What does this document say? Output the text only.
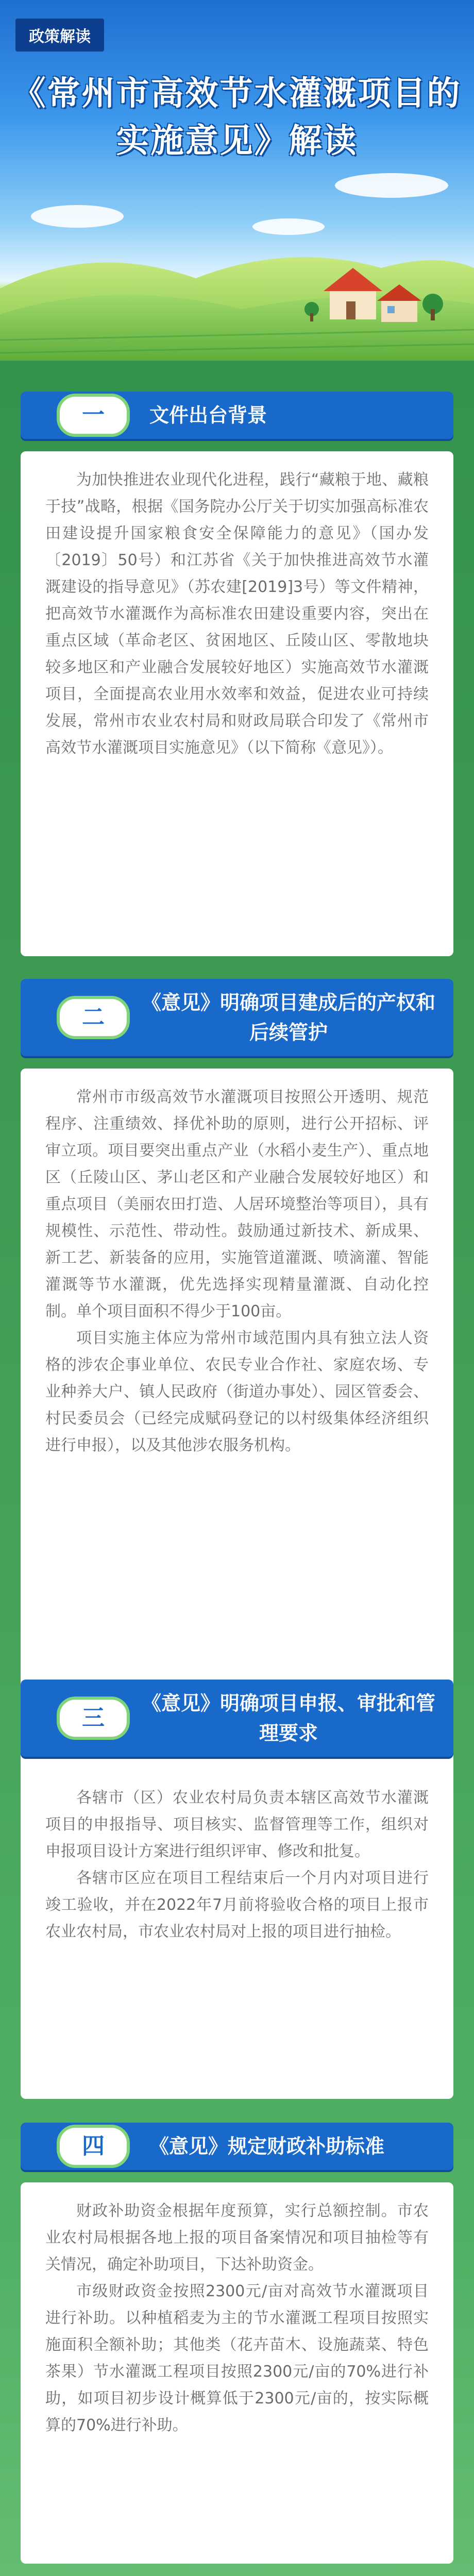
政策解读
《常州市高效节水灌溉项目的
实施意见》解读
一	文件出台背景

为加快推进农业现代化进程，践行“藏粮于地、藏粮于技”战略，根据《国务院办公厅关于切实加强高标准农田建设提升国家粮食安全保障能力的意见》（国办发〔2019〕50号）和江苏省《关于加快推进高效节水灌溉建设的指导意见》（苏农建[2019]3号）等文件精神，把高效节水灌溉作为高标准农田建设重要内容，突出在重点区域（革命老区、贫困地区、丘陵山区、零散地块较多地区和产业融合发展较好地区）实施高效节水灌溉项目，全面提高农业用水效率和效益，促进农业可持续发展，常州市农业农村局和财政局联合印发了《常州市高效节水灌溉项目实施意见》（以下简称《意见》）。

二
《意见》明确项目建成后的产权和后续管护

常州市市级高效节水灌溉项目按照公开透明、规范程序、注重绩效、择优补助的原则，进行公开招标、评审立项。项目要突出重点产业（水稻小麦生产）、重点地区（丘陵山区、茅山老区和产业融合发展较好地区）和重点项目（美丽农田打造、人居环境整治等项目），具有规模性、示范性、带动性。鼓励通过新技术、新成果、新工艺、新装备的应用，实施管道灌溉、喷滴灌、智能灌溉等节水灌溉，优先选择实现精量灌溉、自动化控制。单个项目面积不得少于100亩。

项目实施主体应为常州市域范围内具有独立法人资格的涉农企事业单位、农民专业合作社、家庭农场、专业种养大户、镇人民政府（街道办事处）、园区管委会、村民委员会（已经完成赋码登记的以村级集体经济组织进行申报），以及其他涉农服务机构。

三
《意见》明确项目申报、审批和管理要求

各辖市（区）农业农村局负责本辖区高效节水灌溉项目的申报指导、项目核实、监督管理等工作，组织对申报项目设计方案进行组织评审、修改和批复。

各辖市区应在项目工程结束后一个月内对项目进行竣工验收，并在2022年7月前将验收合格的项目上报市农业农村局，市农业农村局对上报的项目进行抽检。

四	《意见》规定财政补助标准

财政补助资金根据年度预算，实行总额控制。市农业农村局根据各地上报的项目备案情况和项目抽检等有关情况，确定补助项目，下达补助资金。

市级财政资金按照2300元/亩对高效节水灌溉项目进行补助。以种植稻麦为主的节水灌溉工程项目按照实施面积全额补助；其他类（花卉苗木、设施蔬菜、特色茶果）节水灌溉工程项目按照2300元/亩的70%进行补助，如项目初步设计概算低于2300元/亩的，按实际概算的70%进行补助。
